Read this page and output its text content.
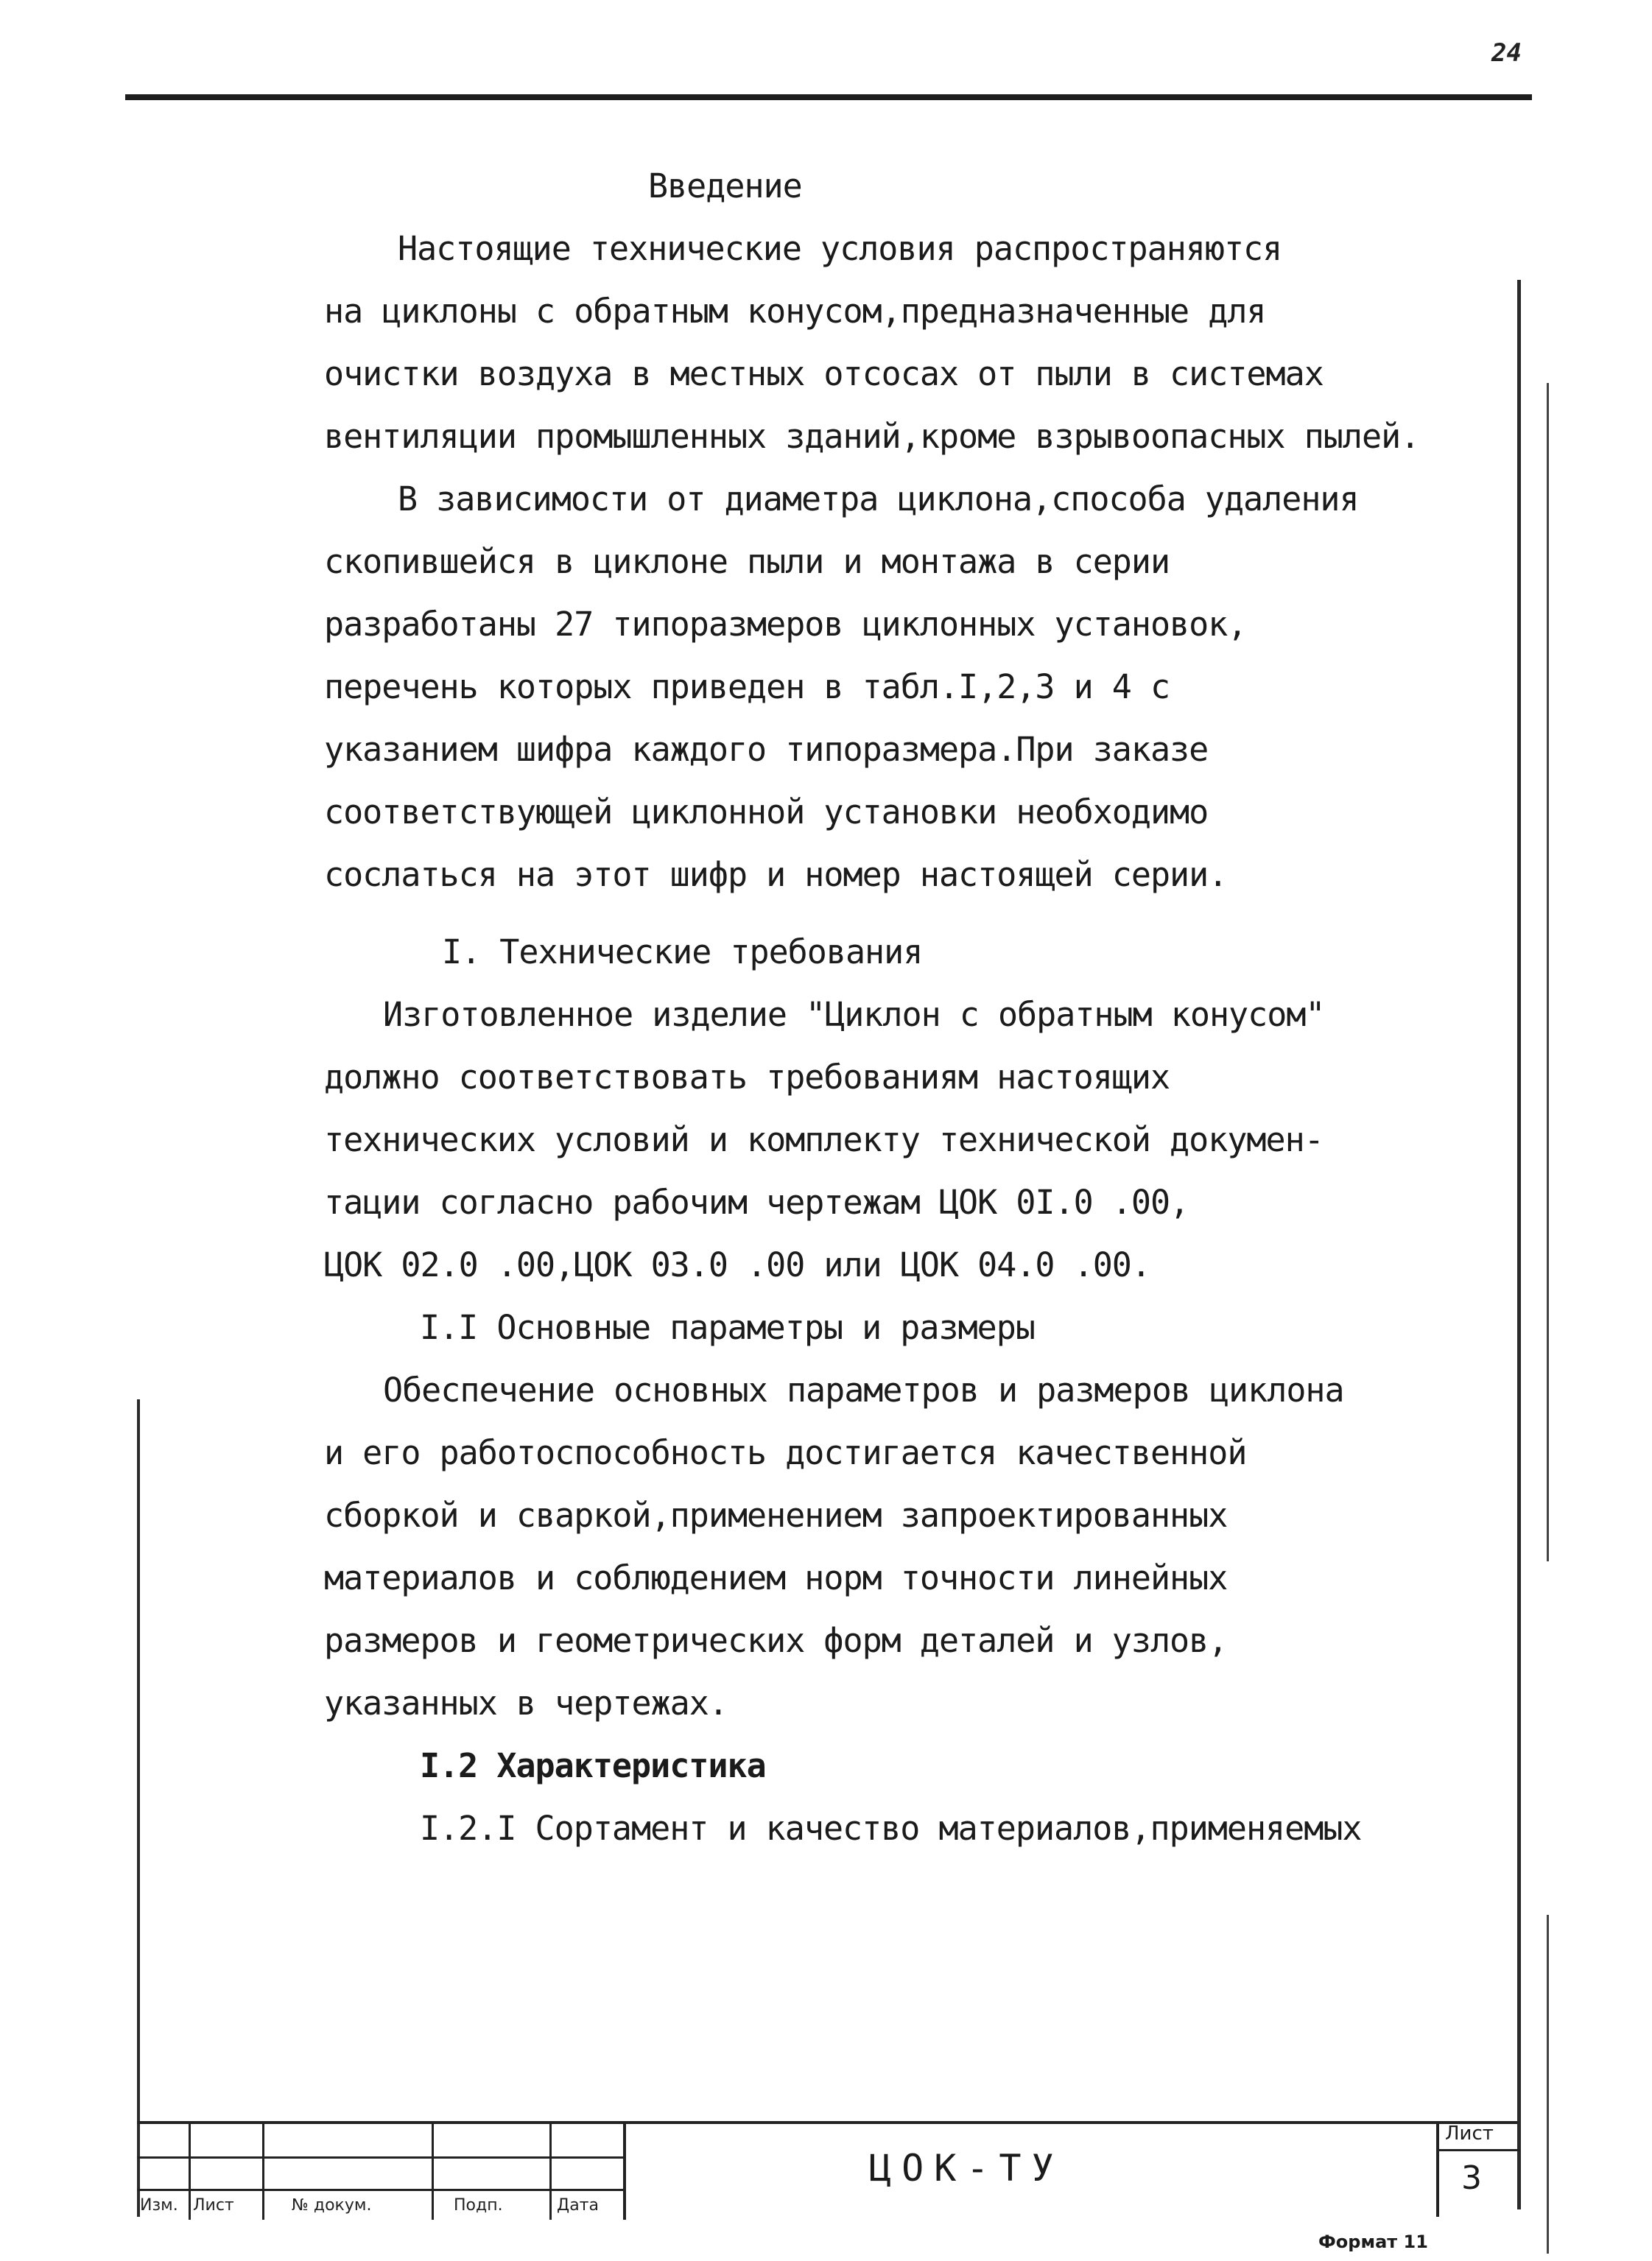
24
Введение
Настоящие технические условия распространяются
на циклоны с обратным конусом,предназначенные для
очистки воздуха в местных отсосах от пыли в системах
вентиляции промышленных зданий,кроме взрывоопасных пылей.
В зависимости от диаметра циклона,способа удаления
скопившейся в циклоне пыли и монтажа в серии
разработаны 27 типоразмеров циклонных установок,
перечень которых приведен в табл.I,2,3 и 4 с
указанием шифра каждого типоразмера.При заказе
соответствующей циклонной установки необходимо
сослаться на этот шифр и номер настоящей серии.
I. Технические требования
Изготовленное изделие "Циклон с обратным конусом"
должно соответствовать требованиям настоящих
технических условий и комплекту технической докумен-
тации согласно рабочим чертежам ЦОК 0I.0 .00,
ЦОК 02.0 .00,ЦОК 03.0 .00 или ЦОК 04.0 .00.
I.I Основные параметры и размеры
Обеспечение основных параметров и размеров циклона
и его работоспособность достигается качественной
сборкой и сваркой,применением запроектированных
материалов и соблюдением норм точности линейных
размеров и геометрических форм деталей и узлов,
указанных в чертежах.
I.2 Характеристика
I.2.I Сортамент и качество материалов,применяемых
Изм. Лист	№ докум.	Подп.	Дата
ЦОК-ТУ
Лист
3
Формат 11
